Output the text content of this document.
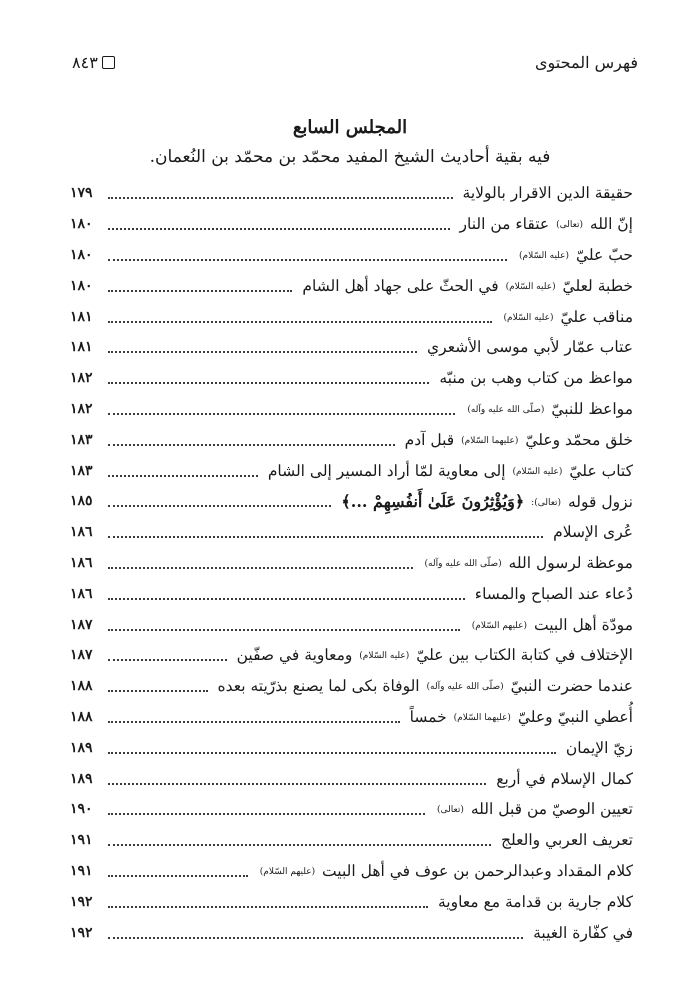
فهرس المحتوى
٨٤٣
المجلس السابع
فيه بقية أحاديث الشيخ المفيد محمّد بن محمّد بن النُعمان.
حقيقة الدين الاقرار بالولاية
١٧٩
إنّ الله (تعالى) عتقاء من النار
١٨٠
حبّ عليّ (عليه السّلام)
١٨٠
خطبة لعليّ (عليه السّلام) في الحثّ على جهاد أهل الشام
١٨٠
مناقب عليّ (عليه السّلام)
١٨١
عتاب عمّار لأبي موسى الأشعري
١٨١
مواعظ من كتاب وهب بن منبّه
١٨٢
مواعظ للنبيّ (صلّى الله عليه وآله)
١٨٢
خلق محمّد وعليّ (عليهما السّلام) قبل آدم
١٨٣
كتاب عليّ (عليه السّلام) إلى معاوية لمّا أراد المسير إلى الشام
١٨٣
نزول قوله (تعالى): ﴿وَيُؤْثِرُونَ عَلَىٰ أَنفُسِهِمْ ...﴾
١٨٥
عُرى الإسلام
١٨٦
موعظة لرسول الله (صلّى الله عليه وآله)
١٨٦
دُعاء عند الصباح والمساء
١٨٦
مودّة أهل البيت (عليهم السّلام)
١٨٧
الإختلاف في كتابة الكتاب بين عليّ (عليه السّلام) ومعاوية في صفّين
١٨٧
عندما حضرت النبيّ (صلّى الله عليه وآله) الوفاة بكى لما يصنع بذرّيته بعده
١٨٨
أُعطي النبيّ وعليّ (عليهما السّلام) خمساً
١٨٨
زيّ الإيمان
١٨٩
كمال الإسلام في أربع
١٨٩
تعيين الوصيّ من قبل الله (تعالى)
١٩٠
تعريف العربي والعلج
١٩١
كلام المقداد وعبدالرحمن بن عوف في أهل البيت (عليهم السّلام)
١٩١
كلام جارية بن قدامة مع معاوية
١٩٢
في كفّارة الغيبة
١٩٢
